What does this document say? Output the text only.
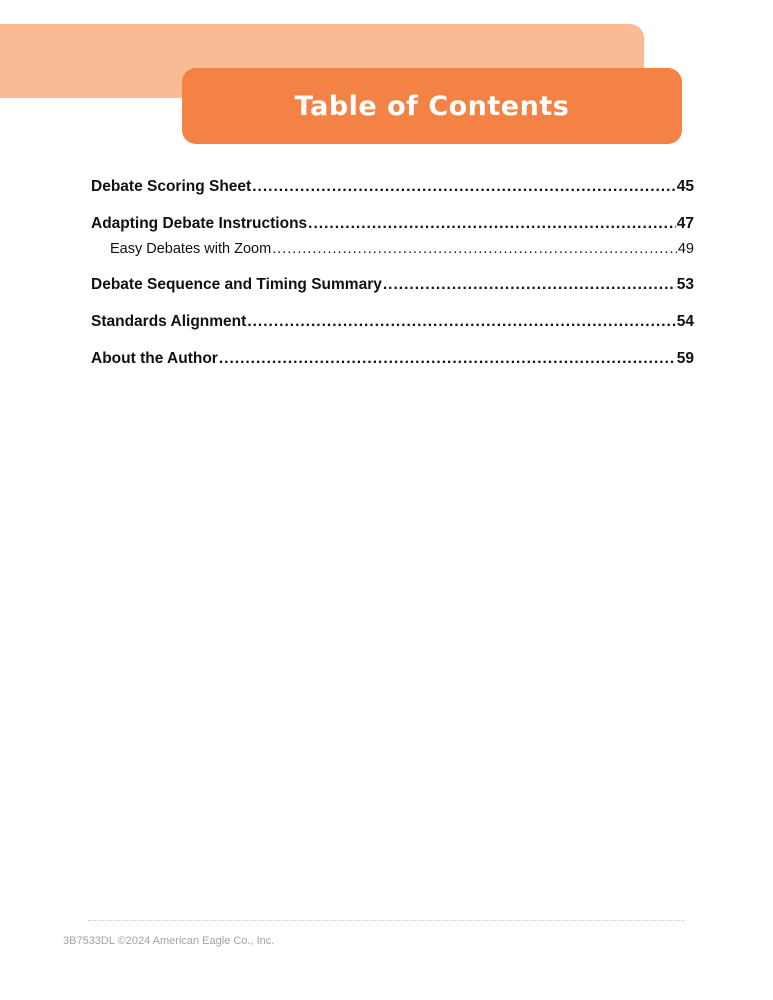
Table of Contents
Debate Scoring Sheet .....	45
Adapting Debate Instructions .....	47
Easy Debates with Zoom .....	49
Debate Sequence and Timing Summary .....	53
Standards Alignment .....	54
About the Author .....	59
3B7533DL ©2024 American Eagle Co., Inc.
